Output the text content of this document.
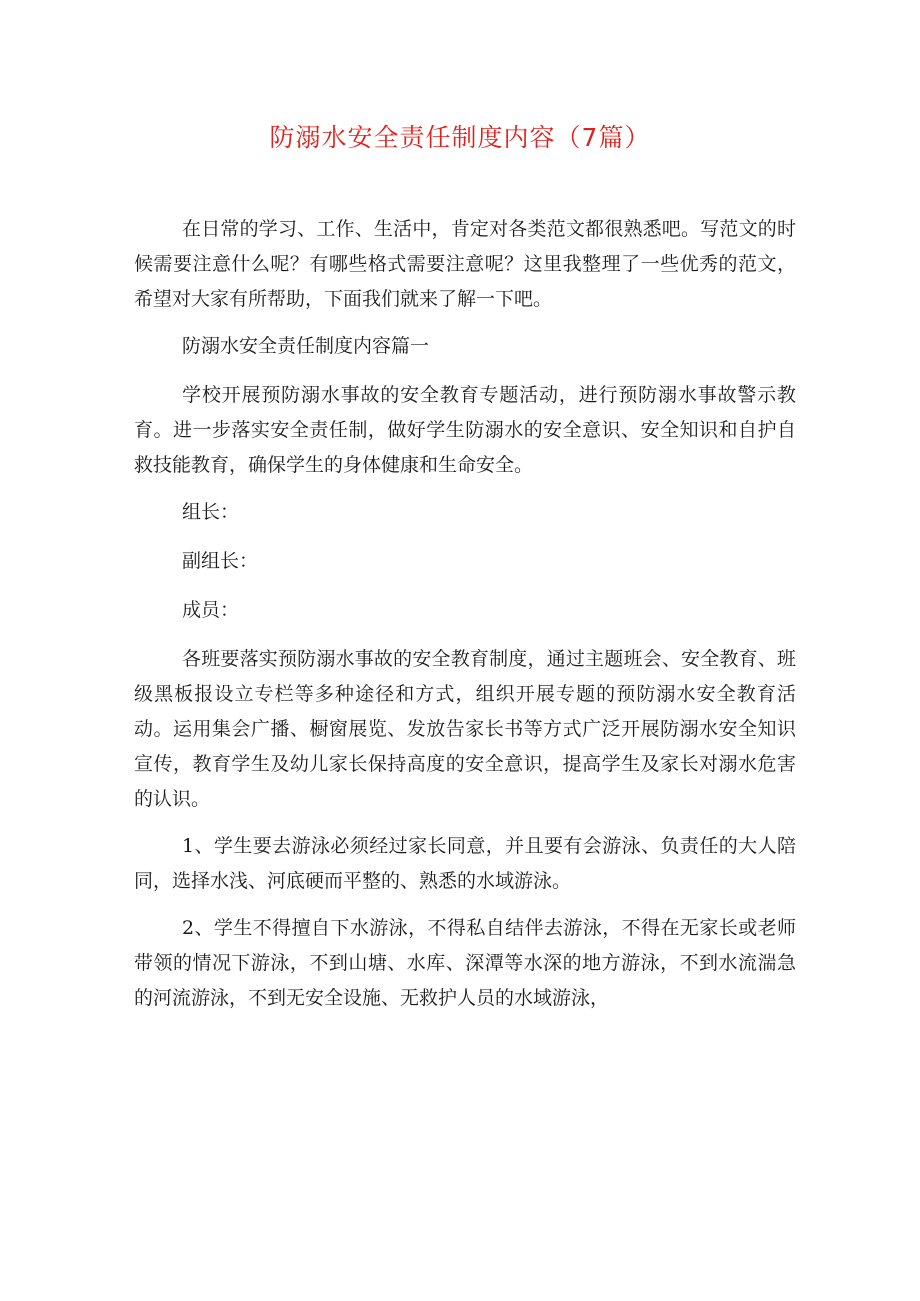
防溺水安全责任制度内容（7篇）

在日常的学习、工作、生活中，肯定对各类范文都很熟悉吧。写范文的时候需要注意什么呢？有哪些格式需要注意呢？这里我整理了一些优秀的范文，希望对大家有所帮助，下面我们就来了解一下吧。

防溺水安全责任制度内容篇一

学校开展预防溺水事故的安全教育专题活动，进行预防溺水事故警示教育。进一步落实安全责任制，做好学生防溺水的安全意识、安全知识和自护自救技能教育，确保学生的身体健康和生命安全。

组长：

副组长：

成员：

各班要落实预防溺水事故的安全教育制度，通过主题班会、安全教育、班级黑板报设立专栏等多种途径和方式，组织开展专题的预防溺水安全教育活动。运用集会广播、橱窗展览、发放告家长书等方式广泛开展防溺水安全知识宣传，教育学生及幼儿家长保持高度的安全意识，提高学生及家长对溺水危害的认识。

1、学生要去游泳必须经过家长同意，并且要有会游泳、负责任的大人陪同，选择水浅、河底硬而平整的、熟悉的水域游泳。

2、学生不得擅自下水游泳，不得私自结伴去游泳，不得在无家长或老师带领的情况下游泳，不到山塘、水库、深潭等水深的地方游泳，不到水流湍急的河流游泳，不到无安全设施、无救护人员的水域游泳，
